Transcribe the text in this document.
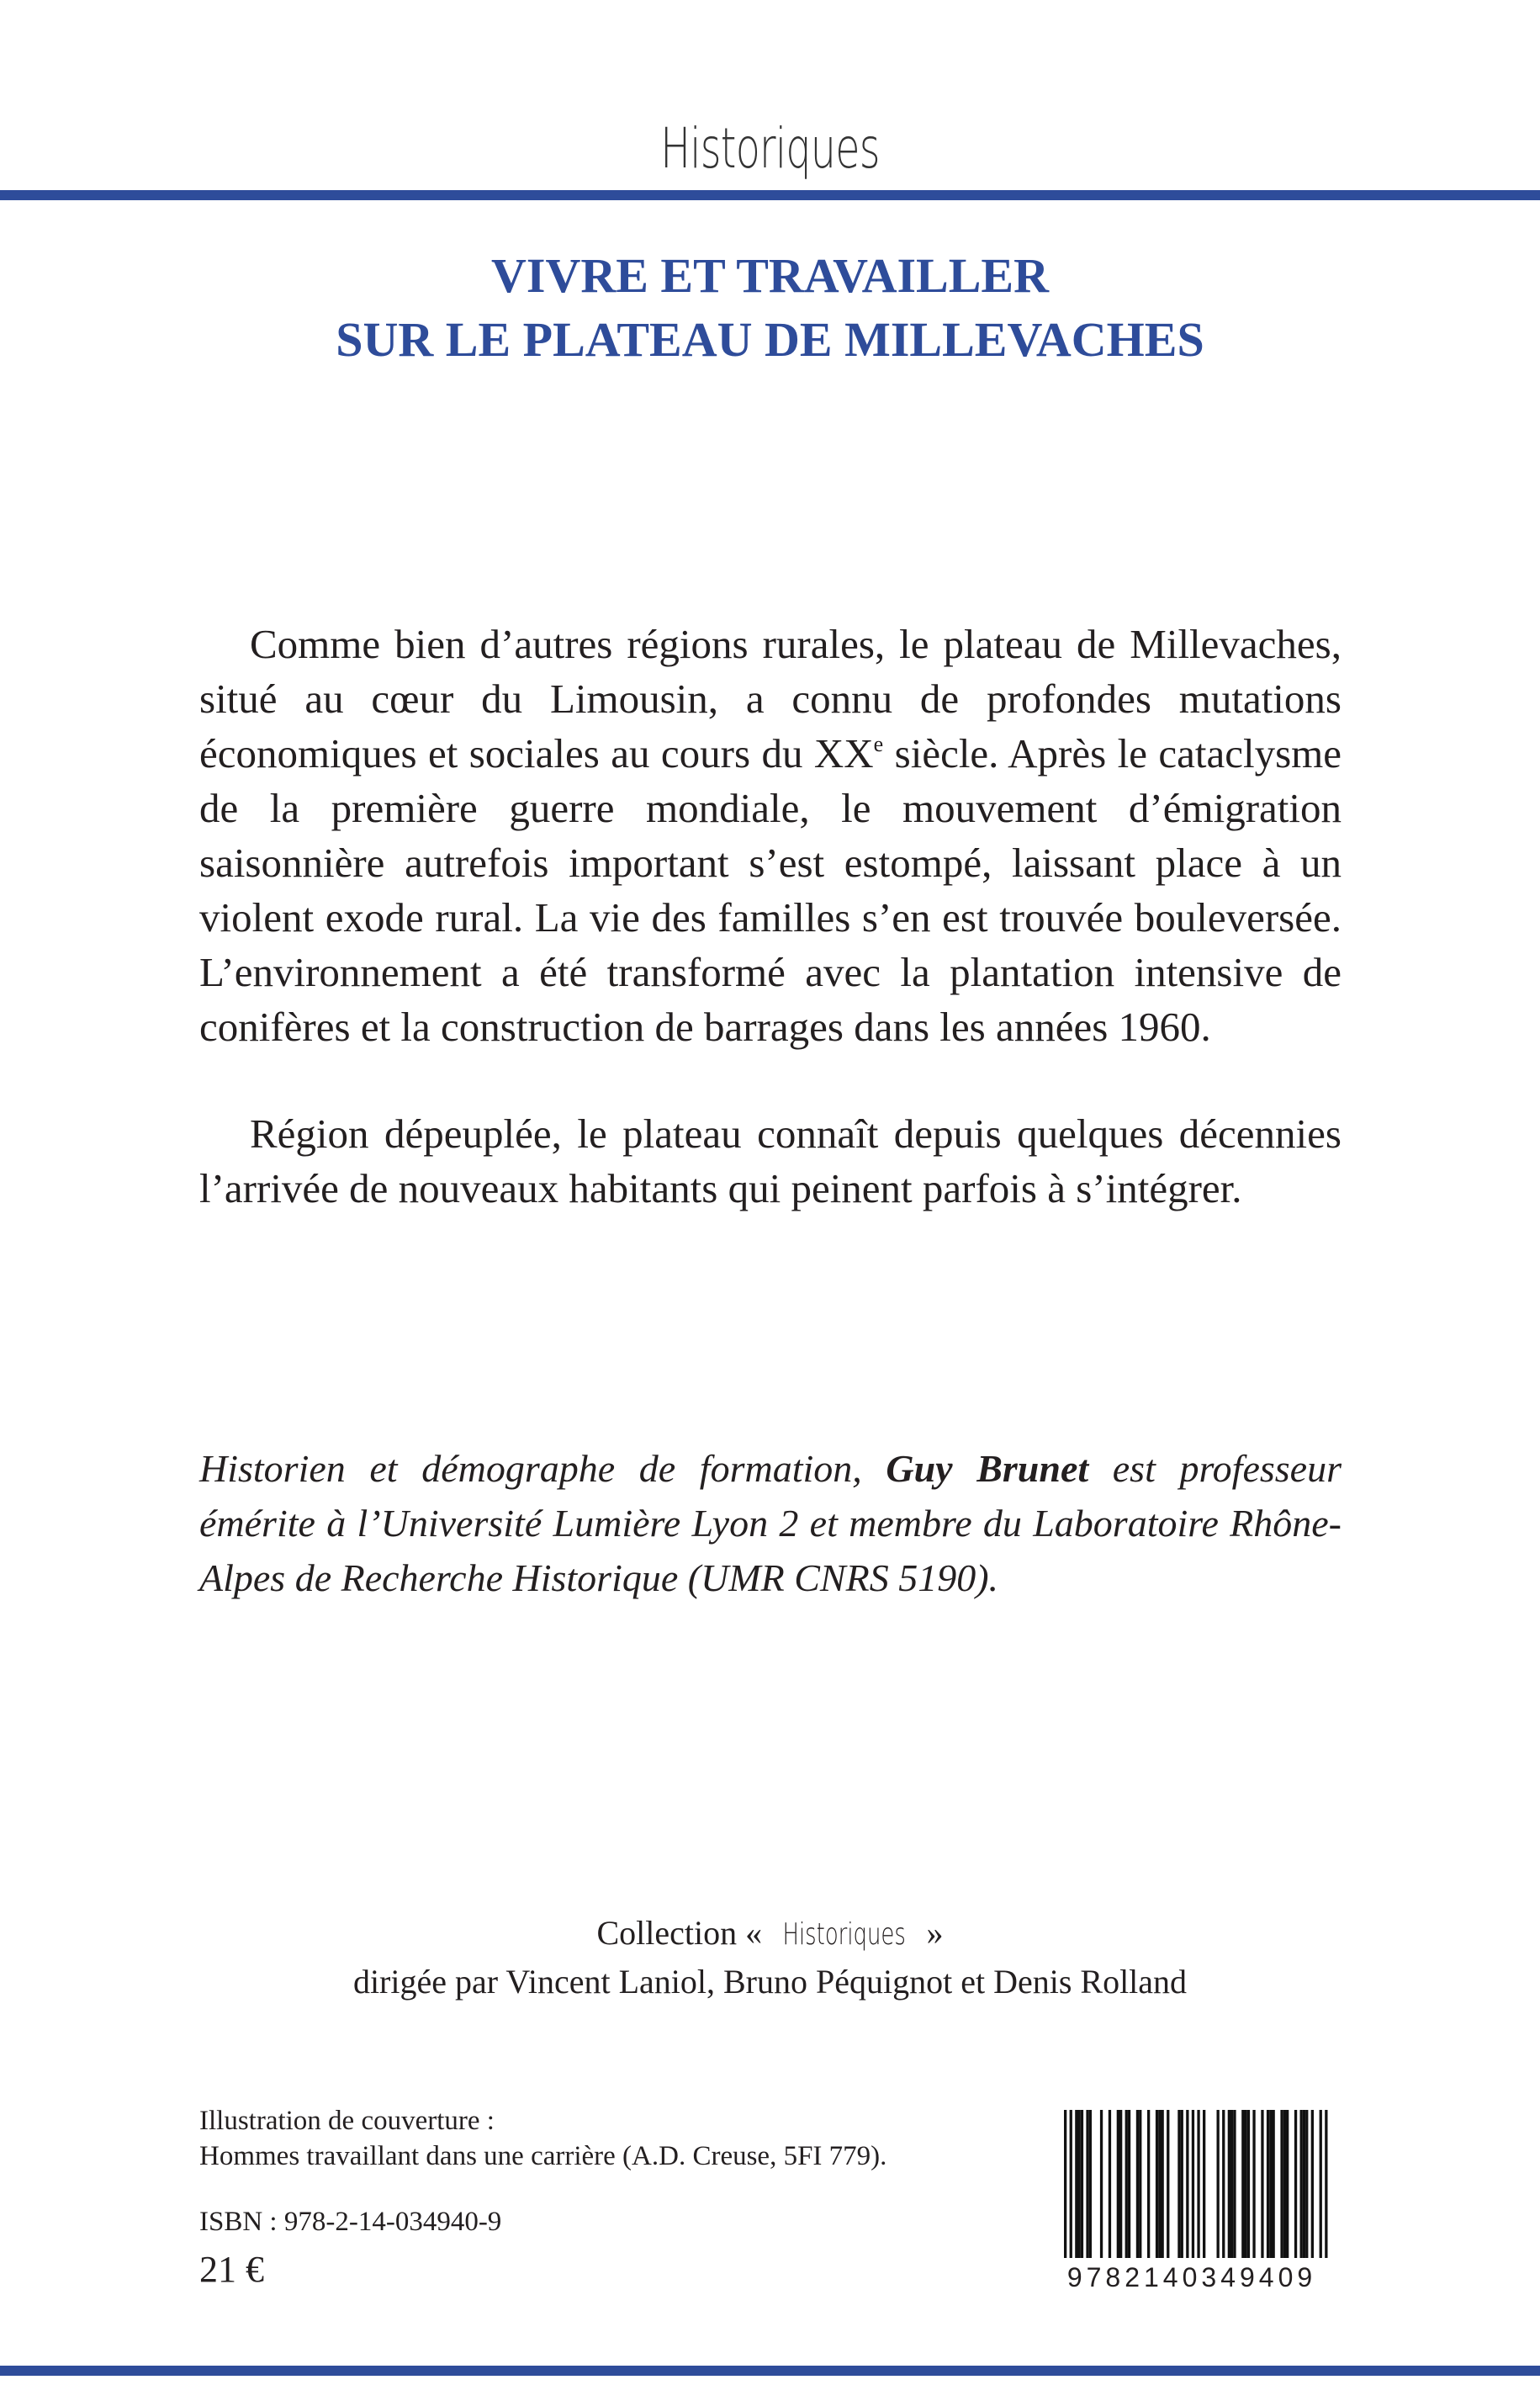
Historiques
VIVRE ET TRAVAILLER
SUR LE PLATEAU DE MILLEVACHES
Comme bien d’autres régions rurales, le plateau de Millevaches, situé au cœur du Limousin, a connu de profondes mutations économiques et sociales au cours du XXe siècle. Après le cataclysme de la première guerre mondiale, le mouvement d’émigration saisonnière autrefois important s’est estompé, laissant place à un violent exode rural. La vie des familles s’en est trouvée bouleversée. L’environnement a été transformé avec la plantation intensive de conifères et la construction de barrages dans les années 1960.
Région dépeuplée, le plateau connaît depuis quelques décennies l’arrivée de nouveaux habitants qui peinent parfois à s’intégrer.
Historien et démographe de formation, Guy Brunet est professeur émérite à l’Université Lumière Lyon 2 et membre du Laboratoire Rhône-Alpes de Recherche Historique (UMR CNRS 5190).
Collection « Historiques »
dirigée par Vincent Laniol, Bruno Péquignot et Denis Rolland
Illustration de couverture :
Hommes travaillant dans une carrière (A.D. Creuse, 5FI 779).
ISBN : 978-2-14-034940-9
21 €	9782140349409
